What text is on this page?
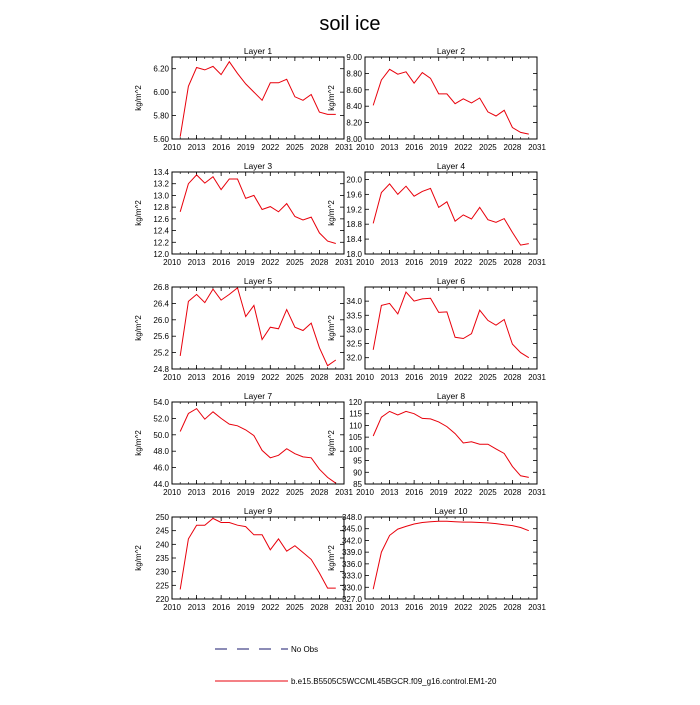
soil ice
Layer 1
2010 2013 2016 2019 2022 2025 2028 2031
5.60
5.80
6.00
6.20
kg/m^2
Layer 2
2010 2013 2016 2019 2022 2025 2028 2031
8.00
8.20
8.40
8.60
8.80
9.00
kg/m^2
Layer 3
2010 2013 2016 2019 2022 2025 2028 2031
12.0
12.2
12.4
12.6
12.8
13.0
13.2
13.4
kg/m^2
Layer 4
2010 2013 2016 2019 2022 2025 2028 2031
18.0
18.4
18.8
19.2
19.6
20.0
kg/m^2
Layer 5
2010 2013 2016 2019 2022 2025 2028 2031
24.8
25.2
25.6
26.0
26.4
26.8
kg/m^2
Layer 6
2010 2013 2016 2019 2022 2025 2028 2031
32.0
32.5
33.0
33.5
34.0
kg/m^2
Layer 7
2010 2013 2016 2019 2022 2025 2028 2031
44.0
46.0
48.0
50.0
52.0
54.0
kg/m^2
Layer 8
2010 2013 2016 2019 2022 2025 2028 2031
85
90
95
100
105
110
115
120
kg/m^2
Layer 9
2010 2013 2016 2019 2022 2025 2028 2031
220
225
230
235
240
245
250
kg/m^2
Layer 10
2010 2013 2016 2019 2022 2025 2028 2031
327.0
330.0
333.0
336.0
339.0
342.0
345.0
348.0
kg/m^2
No Obs
b.e15.B5505C5WCCML45BGCR.f09_g16.control.EM1-20
